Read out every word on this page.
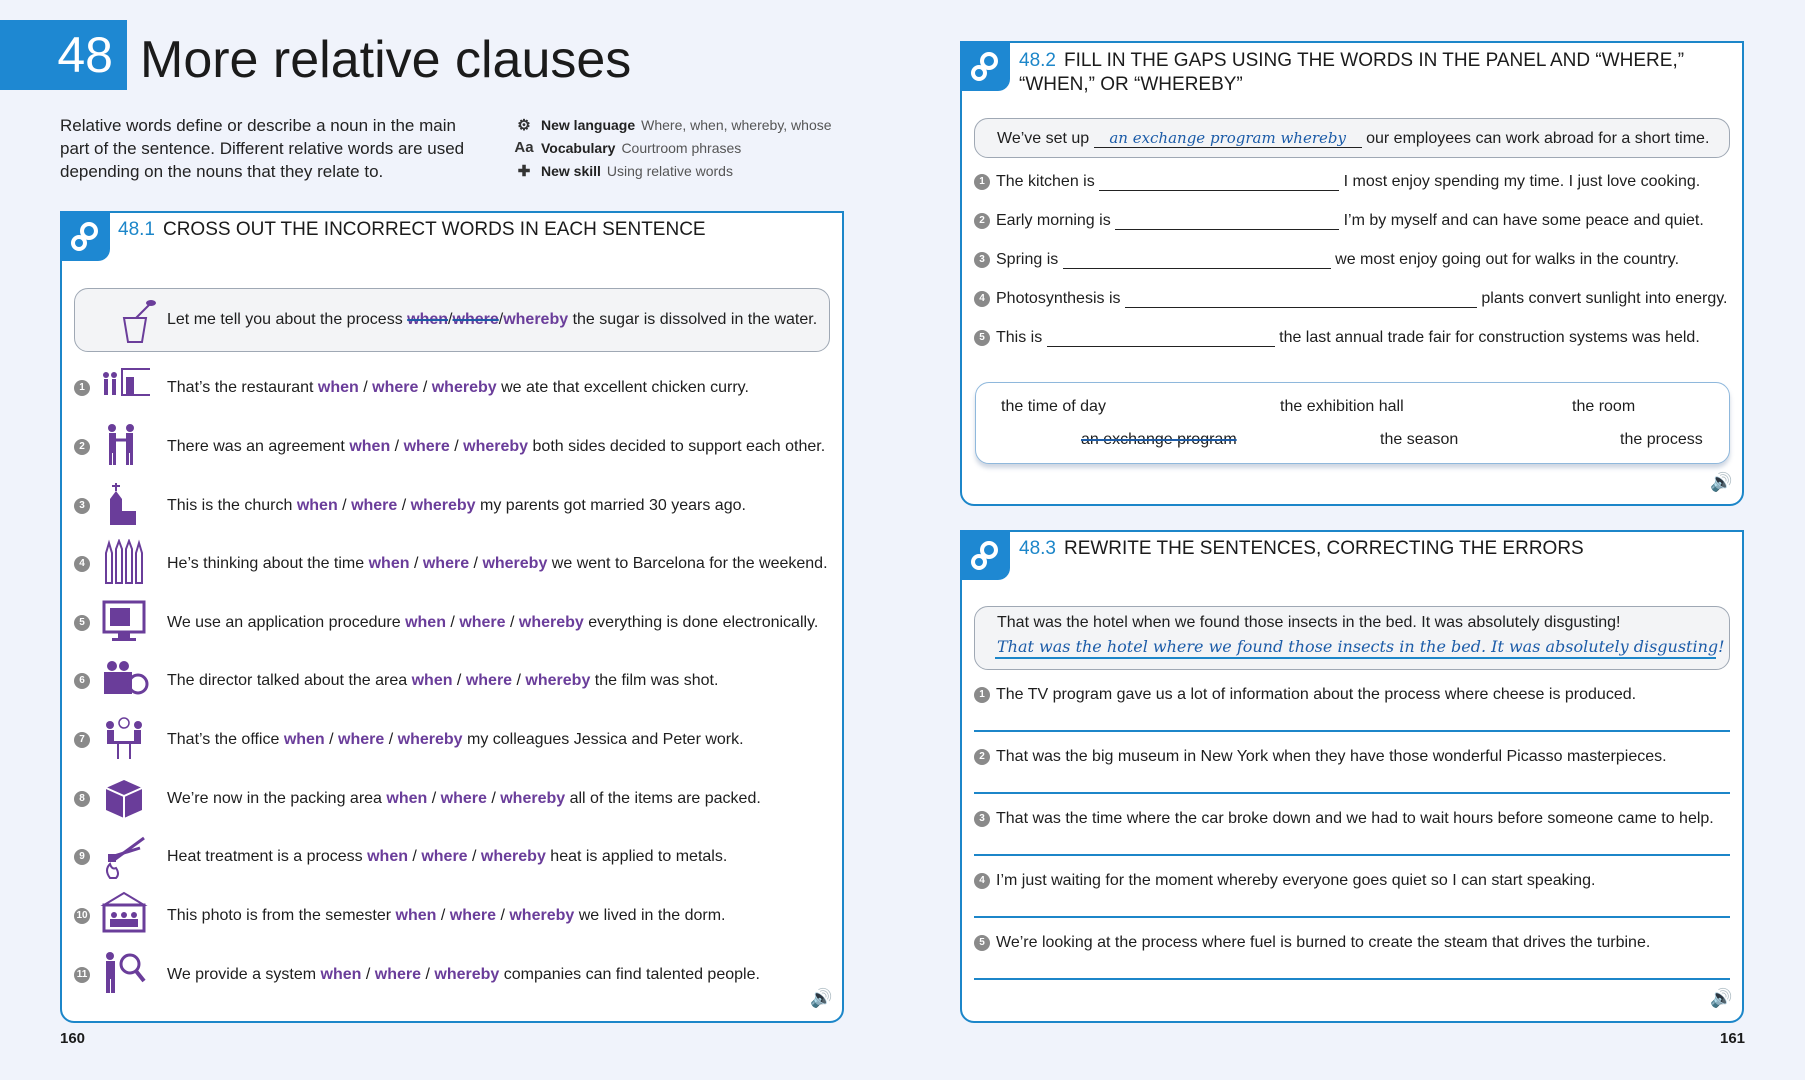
48 More relative clauses
Relative words define or describe a noun in the main part of the sentence. Different relative words are used depending on the nouns that they relate to.
⚙ New language Where, when, whereby, whose
Aa Vocabulary Courtroom phrases
✚ New skill Using relative words
48.1 CROSS OUT THE INCORRECT WORDS IN EACH SENTENCE
Let me tell you about the process when/where/whereby the sugar is dissolved in the water.
1	That’s the restaurant when / where / whereby we ate that excellent chicken curry.
2	There was an agreement when / where / whereby both sides decided to support each other.
3	This is the church when / where / whereby my parents got married 30 years ago.
4	He’s thinking about the time when / where / whereby we went to Barcelona for the weekend.
5	We use an application procedure when / where / whereby everything is done electronically.
6	The director talked about the area when / where / whereby the film was shot.
7	That’s the office when / where / whereby my colleagues Jessica and Peter work.
8	We’re now in the packing area when / where / whereby all of the items are packed.
9	Heat treatment is a process when / where / whereby heat is applied to metals.
10	This photo is from the semester when / where / whereby we lived in the dorm.
11	We provide a system when / where / whereby companies can find talented people.
🔊
160
48.2 FILL IN THE GAPS USING THE WORDS IN THE PANEL AND “WHERE,”
“WHEN,” OR “WHEREBY”
We’ve set up an exchange program whereby our employees can work abroad for a short time.
1 The kitchen is	I most enjoy spending my time. I just love cooking.
2 Early morning is	I’m by myself and can have some peace and quiet.
3 Spring is	we most enjoy going out for walks in the country.
4 Photosynthesis is	plants convert sunlight into energy.
5 This is	the last annual trade fair for construction systems was held.
the time of day	the exhibition hall	the room
an exchange program	the season	the process
🔊
48.3 REWRITE THE SENTENCES, CORRECTING THE ERRORS
That was the hotel when we found those insects in the bed. It was absolutely disgusting!
That was the hotel where we found those insects in the bed. It was absolutely disgusting!
1 The TV program gave us a lot of information about the process where cheese is produced.
2 That was the big museum in New York when they have those wonderful Picasso masterpieces.
3 That was the time where the car broke down and we had to wait hours before someone came to help.
4 I’m just waiting for the moment whereby everyone goes quiet so I can start speaking.
5 We’re looking at the process where fuel is burned to create the steam that drives the turbine.
🔊
161
